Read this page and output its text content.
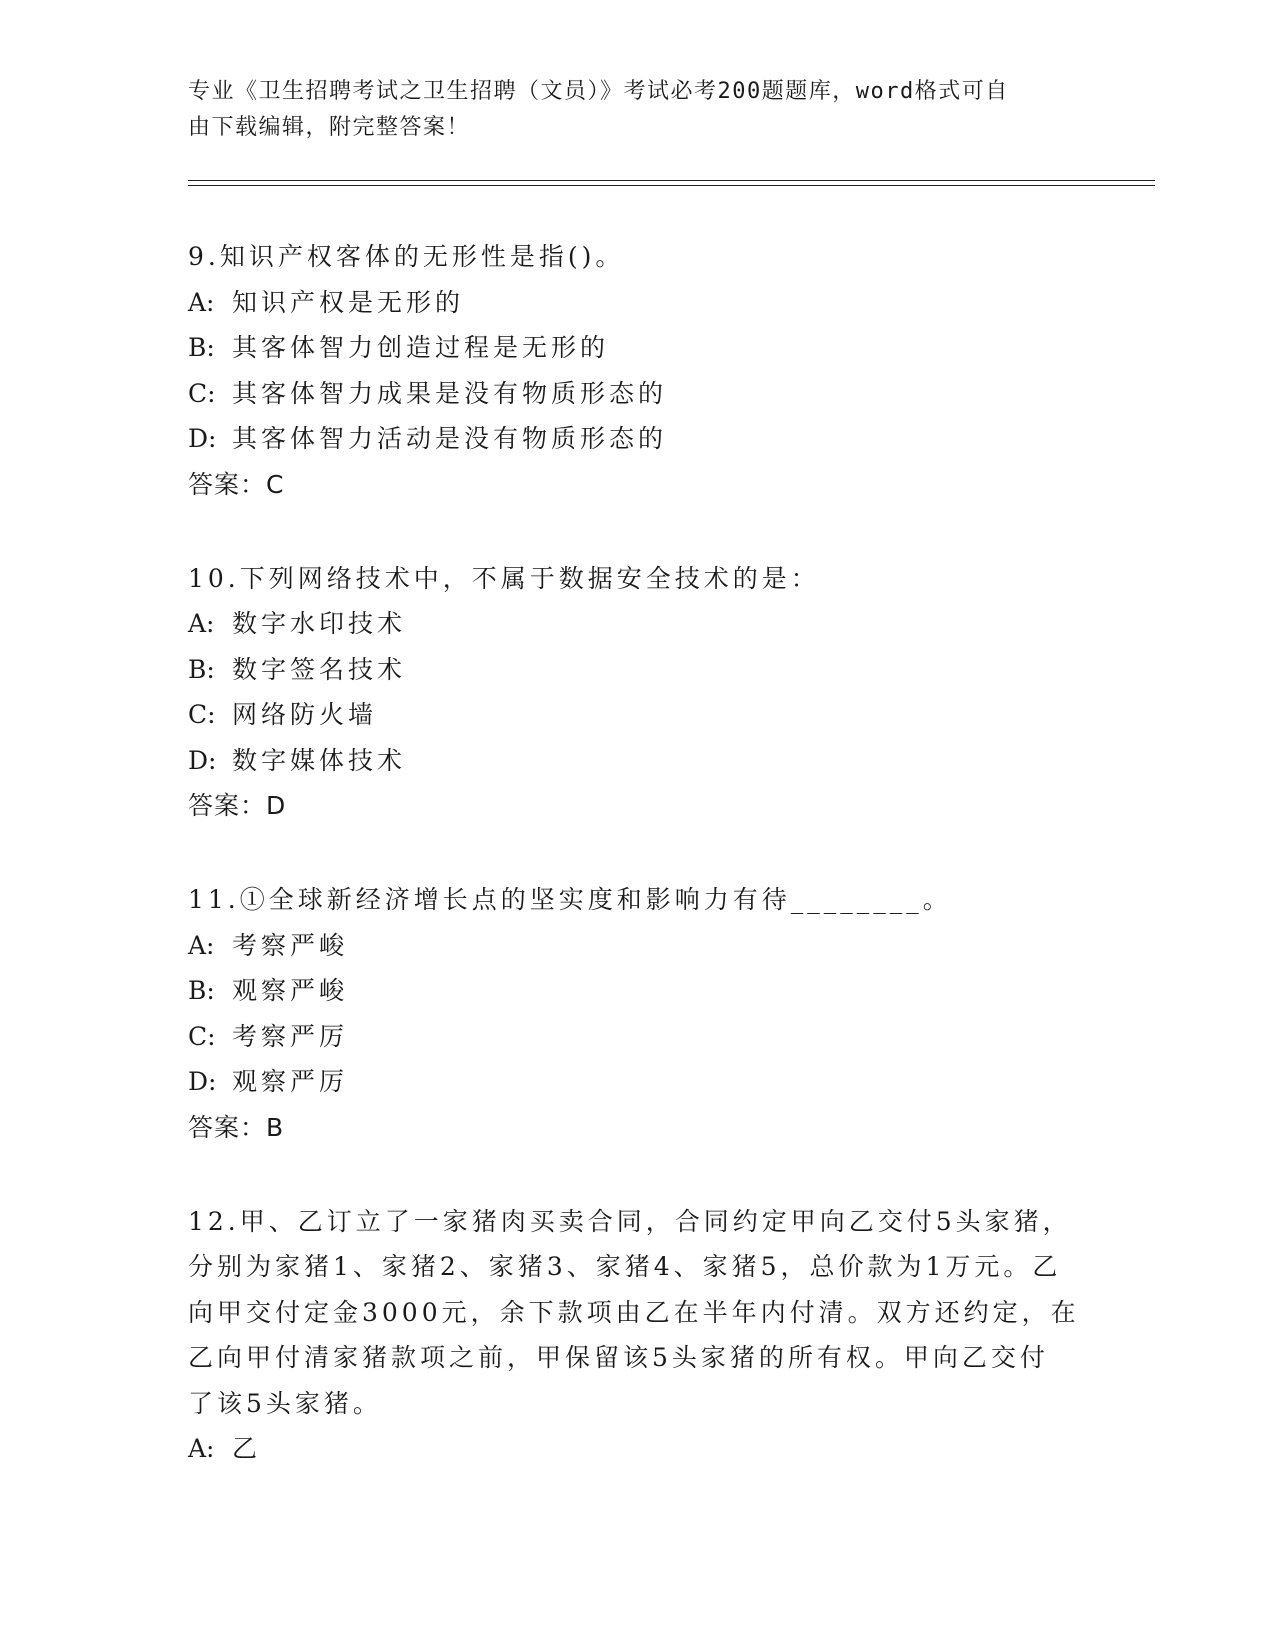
专业《卫生招聘考试之卫生招聘（文员）》考试必考200题题库，word格式可自
由下载编辑，附完整答案！
9.知识产权客体的无形性是指()。
A: 知识产权是无形的
B: 其客体智力创造过程是无形的
C: 其客体智力成果是没有物质形态的
D: 其客体智力活动是没有物质形态的
答案：C
10.下列网络技术中，不属于数据安全技术的是：
A: 数字水印技术
B: 数字签名技术
C: 网络防火墙
D: 数字媒体技术
答案：D
11.①全球新经济增长点的坚实度和影响力有待________。
A: 考察严峻
B: 观察严峻
C: 考察严厉
D: 观察严厉
答案：B
12.甲、乙订立了一家猪肉买卖合同，合同约定甲向乙交付5头家猪，
分别为家猪1、家猪2、家猪3、家猪4、家猪5，总价款为1万元。乙
向甲交付定金3000元，余下款项由乙在半年内付清。双方还约定，在
乙向甲付清家猪款项之前，甲保留该5头家猪的所有权。甲向乙交付
了该5头家猪。
A: 乙
